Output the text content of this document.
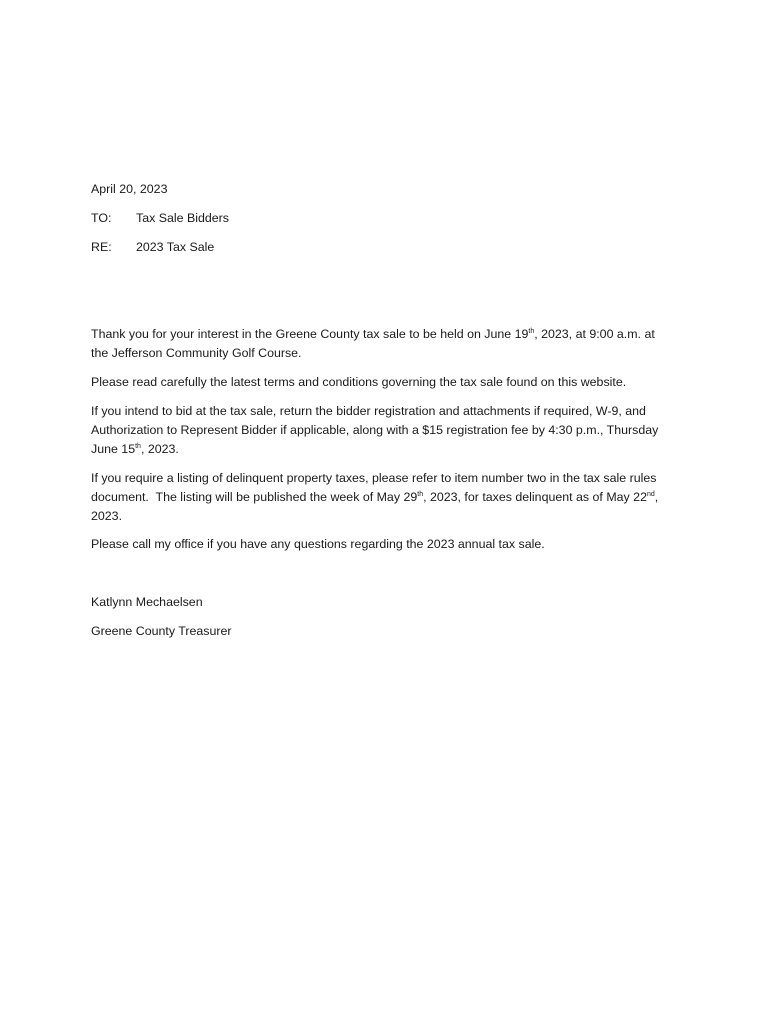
April 20, 2023
TO: Tax Sale Bidders
RE: 2023 Tax Sale

Thank you for your interest in the Greene County tax sale to be held on June 19th, 2023, at 9:00 a.m. at

the Jefferson Community Golf Course.

Please read carefully the latest terms and conditions governing the tax sale found on this website.

If you intend to bid at the tax sale, return the bidder registration and attachments if required, W-9, and

Authorization to Represent Bidder if applicable, along with a $15 registration fee by 4:30 p.m., Thursday

June 15th, 2023.

If you require a listing of delinquent property taxes, please refer to item number two in the tax sale rules

document.  The listing will be published the week of May 29th, 2023, for taxes delinquent as of May 22nd,

2023.

Please call my office if you have any questions regarding the 2023 annual tax sale.

Katlynn Mechaelsen
Greene County Treasurer
